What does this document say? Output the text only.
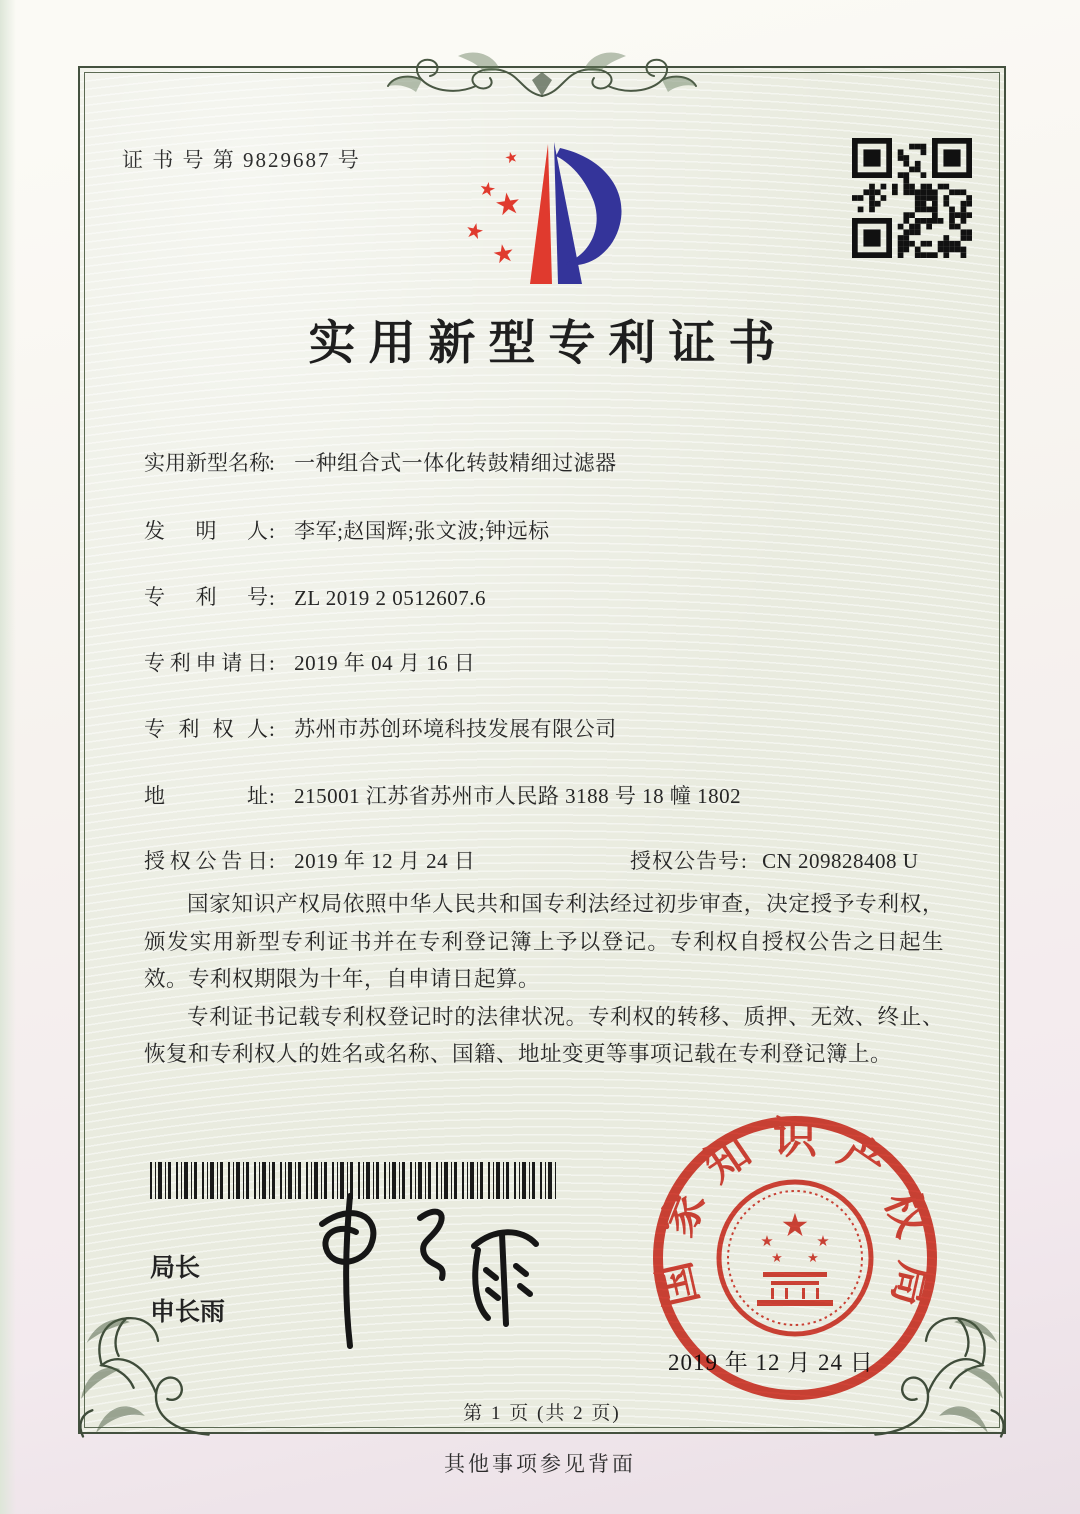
证 书 号 第 9829687 号	★
★
★
★
★
实用新型专利证书
实用新型名称: 一种组合式一体化转鼓精细过滤器
发明人: 李军;赵国辉;张文波;钟远标
专利号: ZL 2019 2 0512607.6
专利申请日: 2019 年 04 月 16 日
专利权人: 苏州市苏创环境科技发展有限公司
地址: 215001 江苏省苏州市人民路 3188 号 18 幢 1802
授权公告日: 2019 年 12 月 24 日	授权公告号: CN 209828408 U

国家知识产权局依照中华人民共和国专利法经过初步审查，决定授予专利权，颁发实用新型专利证书并在专利登记簿上予以登记。专利权自授权公告之日起生效。专利权期限为十年，自申请日起算。

专利证书记载专利权登记时的法律状况。专利权的转移、质押、无效、终止、恢复和专利权人的姓名或名称、国籍、地址变更等事项记载在专利登记簿上。

局长
申长雨
2019 年 12 月 24 日
国家知识产权局
★
★	★
★ ★
第 1 页 (共 2 页)
其他事项参见背面
